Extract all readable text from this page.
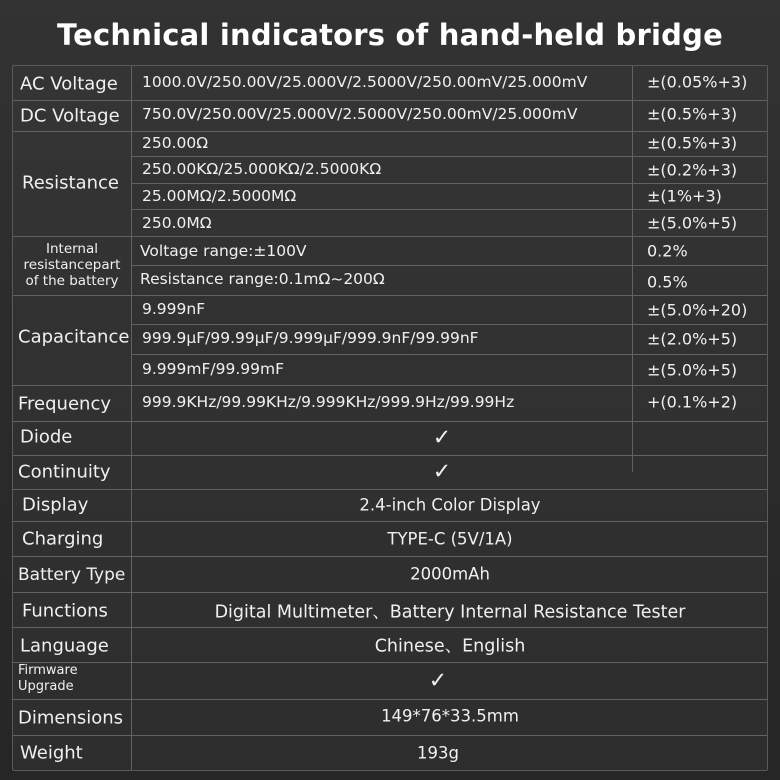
Technical indicators of hand-held bridge
AC Voltage 1000.0V/250.00V/25.000V/2.5000V/250.00mV/25.000mV	±(0.05%+3)
DC Voltage 750.0V/250.00V/25.000V/2.5000V/250.00mV/25.000mV	±(0.5%+3)
Resistance
250.00Ω	±(0.5%+3)
250.00KΩ/25.000KΩ/2.5000KΩ	±(0.2%+3)
25.00MΩ/2.5000MΩ	±(1%+3)
250.0MΩ	±(5.0%+5)
Internal
resistancepart
of the battery
Voltage range:±100V	0.2%
Resistance range:0.1mΩ~200Ω	0.5%
Capacitance
9.999nF	±(5.0%+20)
999.9μF/99.99μF/9.999μF/999.9nF/99.99nF	±(2.0%+5)
9.999mF/99.99mF	±(5.0%+5)
Frequency 999.9KHz/99.99KHz/9.999KHz/999.9Hz/99.99Hz	+(0.1%+2)
Diode	✓
Continuity	✓
Display	2.4-inch Color Display
Charging	TYPE-C (5V/1A)
Battery Type	2000mAh
Functions	Digital Multimeter、Battery Internal Resistance Tester
Language	Chinese、English
Firmware
Upgrade	✓
Dimensions	149*76*33.5mm
Weight	193g
